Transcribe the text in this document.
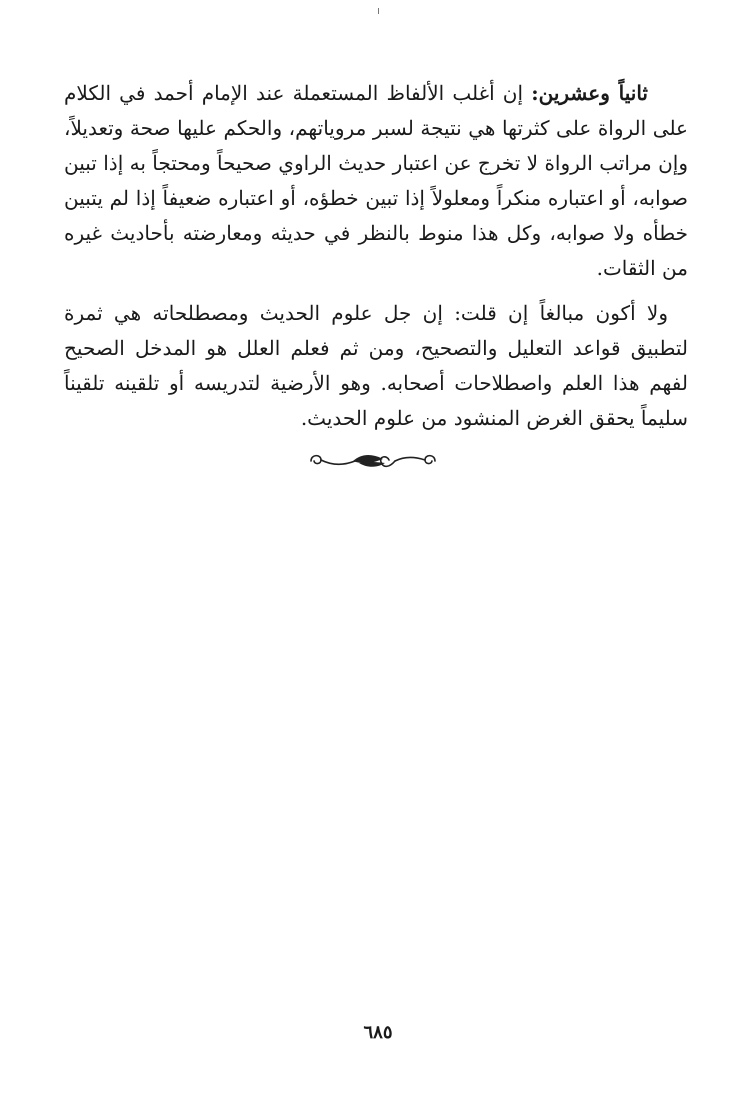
ثانياً وعشرين: إن أغلب الألفاظ المستعملة عند الإمام أحمد في الكلام على الرواة على كثرتها هي نتيجة لسبر مروياتهم، والحكم عليها صحة وتعديلاً، وإن مراتب الرواة لا تخرج عن اعتبار حديث الراوي صحيحاً ومحتجاً به إذا تبين صوابه، أو اعتباره منكراً ومعلولاً إذا تبين خطؤه، أو اعتباره ضعيفاً إذا لم يتبين خطأه ولا صوابه، وكل هذا منوط بالنظر في حديثه ومعارضته بأحاديث غيره من الثقات.

ولا أكون مبالغاً إن قلت: إن جل علوم الحديث ومصطلحاته هي ثمرة لتطبيق قواعد التعليل والتصحيح، ومن ثم فعلم العلل هو المدخل الصحيح لفهم هذا العلم واصطلاحات أصحابه. وهو الأرضية لتدريسه أو تلقينه تلقيناً سليماً يحقق الغرض المنشود من علوم الحديث.

٦٨٥
